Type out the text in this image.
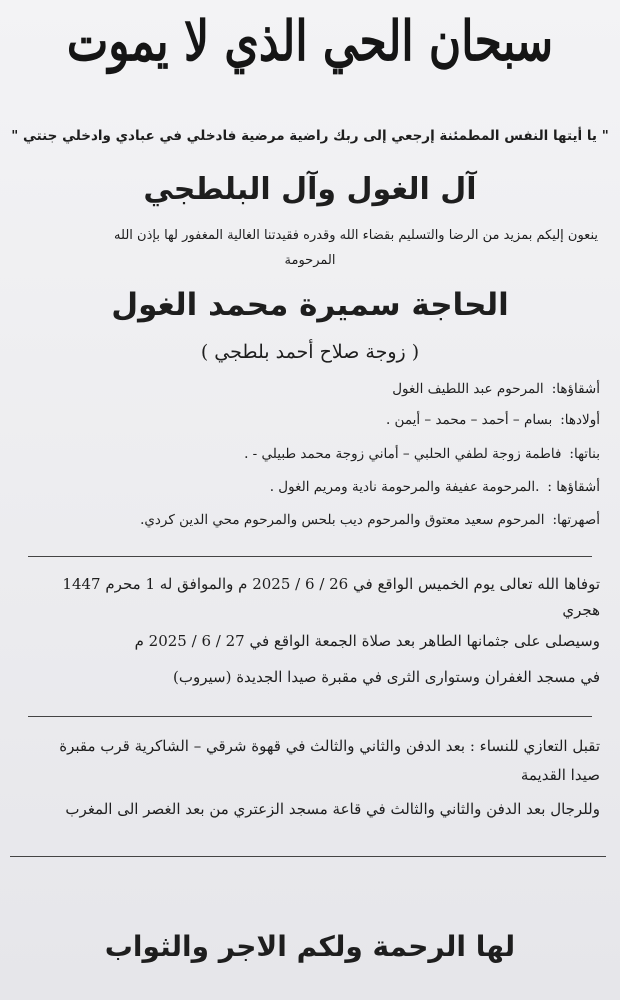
سبحان الحي الذي لا يموت
" يا أيتها النفس المطمئنة إرجعي إلى ربك راضية مرضية فادخلي في عبادي وادخلي جنتي "
آل الغول وآل البلطجي
ينعون إليكم بمزيد من الرضا والتسليم بقضاء الله وقدره فقيدتنا الغالية المغفور لها بإذن الله
المرحومة
الحاجة سميرة محمد الغول
( زوجة صلاح أحمد بلطجي )
أشقاؤها:المرحوم عبد اللطيف الغول
أولادها:بسام – أحمد – محمد – أيمن .
بناتها:فاطمة زوجة لطفي الحلبي – أماني زوجة محمد طبيلي - .
أشقاؤها :.المرحومة عفيفة والمرحومة نادية ومريم الغول .
أصهرتها:المرحوم سعيد معتوق والمرحوم ديب بلحس والمرحوم محي الدين كردي.
توفاها الله تعالى يوم الخميس الواقع في 26 / 6 / 2025 م والموافق له 1 محرم 1447
هجري
وسيصلى على جثمانها الطاهر بعد صلاة الجمعة الواقع في 27 / 6 / 2025 م
في مسجد الغفران وستوارى الثرى في مقبرة صيدا الجديدة (سيروب)
تقبل التعازي للنساء : بعد الدفن والثاني والثالث في قهوة شرقي – الشاكرية قرب مقبرة
صيدا القديمة
وللرجال بعد الدفن والثاني والثالث في قاعة مسجد الزعتري من بعد الغصر الى المغرب
لها الرحمة ولكم الاجر والثواب
